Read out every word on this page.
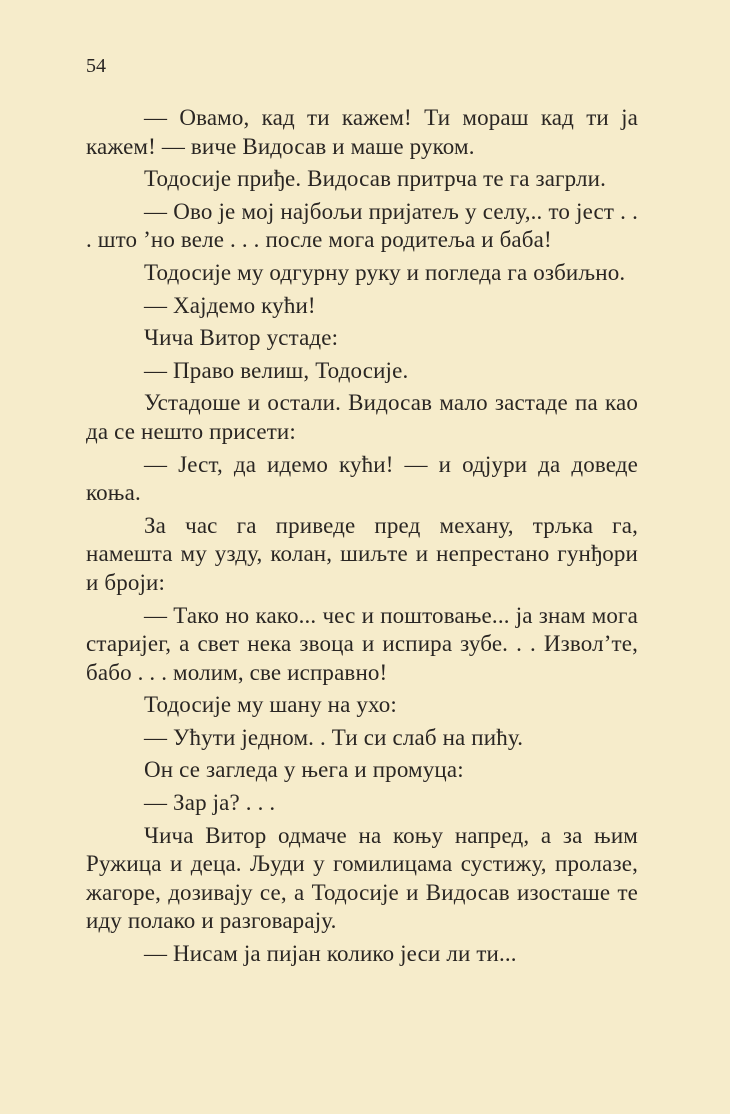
54

— Овамо, кад ти кажем! Ти мораш кад ти ја кажем! — виче Видосав и маше руком.

Тодосије приђе. Видосав притрча те га загрли.

— Ово је мој најбољи пријатељ у селу,.. то јест . . . што ’но веле . . . после мога родитеља и баба!

Тодосије му одгурну руку и погледа га озбиљно.

— Хајдемо кући!

Чича Витор устаде:

— Право велиш, Тодосије.

Устадоше и остали. Видосав мало застаде па као да се нешто присети:

— Јест, да идемо кући! — и одјури да доведе коња.

За час га приведе пред механу, трљка га, намешта му узду, колан, шиљте и непрестано гунђори и броји:

— Тако но како... чес и поштовање... ја знам мога старијег, а свет нека звоца и испира зубе. . . Изволʼте, бабо . . . молим, све исправно!

Тодосије му шану на ухо:

— Ућути једном. . Ти си слаб на пићу.

Он се загледа у њега и промуца:

— Зар ја? . . .

Чича Витор одмаче на коњу напред, а за њим Ружица и деца. Људи у гомилицама сустижу, пролазе, жагоре, дозивају се, а Тодосије и Видосав изосташе те иду полако и разговарају.

— Нисам ја пијан колико јеси ли ти...
